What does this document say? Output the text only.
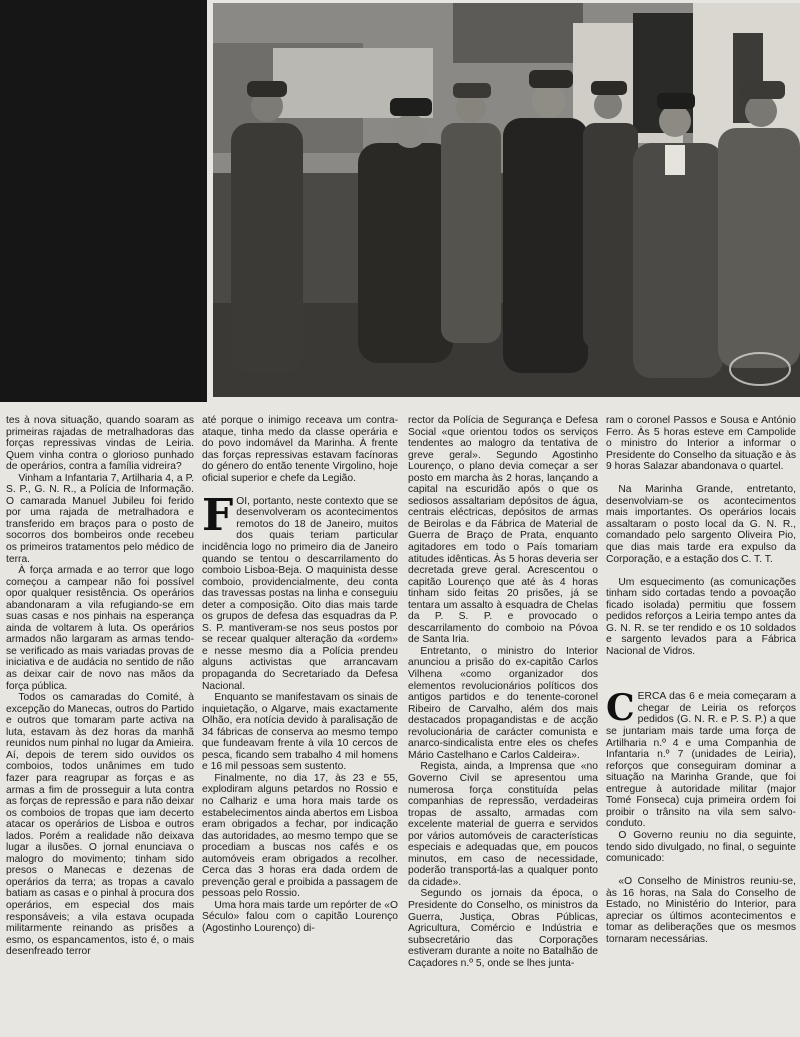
tes à nova situação, quando soaram as primeiras rajadas de metralhadoras das forças repressivas vindas de Leiria. Quem vinha contra o glorioso punhado de operários, contra a família vidreira?

Vinham a Infantaria 7, Artilharia 4, a P. S. P., G. N. R., a Polícia de Informação. O camarada Manuel Jubileu foi ferido por uma rajada de metralhadora e transferido em braços para o posto de socorros dos bombeiros onde recebeu os primeiros tratamentos pelo médico de terra.

À força armada e ao terror que logo começou a campear não foi possível opor qualquer resistência. Os operários abandonaram a vila refugiando-se em suas casas e nos pinhais na esperança ainda de voltarem à luta. Os operários armados não largaram as armas tendo-se verificado as mais variadas provas de iniciativa e de audácia no sentido de não as deixar cair de novo nas mãos da força pública.

Todos os camaradas do Comité, à excepção do Manecas, outros do Partido e outros que tomaram parte activa na luta, estavam às dez horas da manhã reunidos num pinhal no lugar da Amieira. Aí, depois de terem sido ouvidos os comboios, todos unânimes em tudo fazer para reagrupar as forças e as armas a fim de prosseguir a luta contra as forças de repressão e para não deixar os comboios de tropas que iam decerto atacar os operários de Lisboa e outros lados. Porém a realidade não deixava lugar a ilusões. O jornal enunciava o malogro do movimento; tinham sido presos o Manecas e dezenas de operários da terra; as tropas a cavalo batiam as casas e o pinhal à procura dos operários, em especial dos mais responsáveis; a vila estava ocupada militarmente reinando as prisões a esmo, os espancamentos, isto é, o mais desenfreado terror

até porque o inimigo receava um contra-ataque, tinha medo da classe operária e do povo indomável da Marinha. À frente das forças repressivas estavam facínoras do género do então tenente Virgolino, hoje oficial superior e chefe da Legião.

FOI, portanto, neste contexto que se desenvolveram os acontecimentos remotos do 18 de Janeiro, muitos dos quais teriam particular incidência logo no primeiro dia de Janeiro quando se tentou o descarrilamento do comboio Lisboa-Beja. O maquinista desse comboio, providencialmente, deu conta das travessas postas na linha e conseguiu deter a composição. Oito dias mais tarde os grupos de defesa das esquadras da P. S. P. mantiveram-se nos seus postos por se recear qualquer alteração da «ordem» e nesse mesmo dia a Polícia prendeu alguns activistas que arrancavam propaganda do Secretariado da Defesa Nacional.

Enquanto se manifestavam os sinais de inquietação, o Algarve, mais exactamente Olhão, era notícia devido à paralisação de 34 fábricas de conserva ao mesmo tempo que fundeavam frente à vila 10 cercos de pesca, ficando sem trabalho 4 mil homens e 16 mil pessoas sem sustento.

Finalmente, no dia 17, às 23 e 55, explodiram alguns petardos no Rossio e no Calhariz e uma hora mais tarde os estabelecimentos ainda abertos em Lisboa eram obrigados a fechar, por indicação das autoridades, ao mesmo tempo que se procediam a buscas nos cafés e os automóveis eram obrigados a recolher. Cerca das 3 horas era dada ordem de prevenção geral e proibida a passagem de pessoas pelo Rossio.

Uma hora mais tarde um repórter de «O Século» falou com o capitão Lourenço (Agostinho Lourenço) di-

rector da Polícia de Segurança e Defesa Social «que orientou todos os serviços tendentes ao malogro da tentativa de greve geral». Segundo Agostinho Lourenço, o plano devia começar a ser posto em marcha às 2 horas, lançando a capital na escuridão após o que os sediosos assaltariam depósitos de água, centrais eléctricas, depósitos de armas de Beirolas e da Fábrica de Material de Guerra de Braço de Prata, enquanto agitadores em todo o País tomariam atitudes idênticas. Às 5 horas deveria ser decretada greve geral. Acrescentou o capitão Lourenço que até às 4 horas tinham sido feitas 20 prisões, já se tentara um assalto à esquadra de Chelas da P. S. P. e provocado o descarrilamento do comboio na Póvoa de Santa Iria.

Entretanto, o ministro do Interior anunciou a prisão do ex-capitão Carlos Vilhena «como organizador dos elementos revolucionários políticos dos antigos partidos e do tenente-coronel Ribeiro de Carvalho, além dos mais destacados propagandistas e de acção revolucionária de carácter comunista e anarco-sindicalista entre eles os chefes Mário Castelhano e Carlos Caldeira».

Regista, ainda, a Imprensa que «no Governo Civil se apresentou uma numerosa força constituída pelas companhias de repressão, verdadeiras tropas de assalto, armadas com excelente material de guerra e servidos por vários automóveis de características especiais e adequadas que, em poucos minutos, em caso de necessidade, poderão transportá-las a qualquer ponto da cidade».

Segundo os jornais da época, o Presidente do Conselho, os ministros da Guerra, Justiça, Obras Públicas, Agricultura, Comércio e Indústria e subsecretário das Corporações estiveram durante a noite no Batalhão de Caçadores n.º 5, onde se lhes junta-

ram o coronel Passos e Sousa e António Ferro. Às 5 horas esteve em Campolide o ministro do Interior a informar o Presidente do Conselho da situação e às 9 horas Salazar abandonava o quartel.

Na Marinha Grande, entretanto, desenvolviam-se os acontecimentos mais importantes. Os operários locais assaltaram o posto local da G. N. R., comandado pelo sargento Oliveira Pio, que dias mais tarde era expulso da Corporação, e a estação dos C. T. T.

Um esquecimento (as comunicações tinham sido cortadas tendo a povoação ficado isolada) permitiu que fossem pedidos reforços a Leiria tempo antes da G. N. R. se ter rendido e os 10 soldados e sargento levados para a Fábrica Nacional de Vidros.

CERCA das 6 e meia começaram a chegar de Leiria os reforços pedidos (G. N. R. e P. S. P.) a que se juntariam mais tarde uma força de Artilharia n.º 4 e uma Companhia de Infantaria n.º 7 (unidades de Leiria), reforços que conseguiram dominar a situação na Marinha Grande, que foi entregue à autoridade militar (major Tomé Fonseca) cuja primeira ordem foi proibir o trânsito na vila sem salvo-conduto.

O Governo reuniu no dia seguinte, tendo sido divulgado, no final, o seguinte comunicado:

«O Conselho de Ministros reuniu-se, às 16 horas, na Sala do Conselho de Estado, no Ministério do Interior, para apreciar os últimos acontecimentos e tomar as deliberações que os mesmos tornaram necessárias.
